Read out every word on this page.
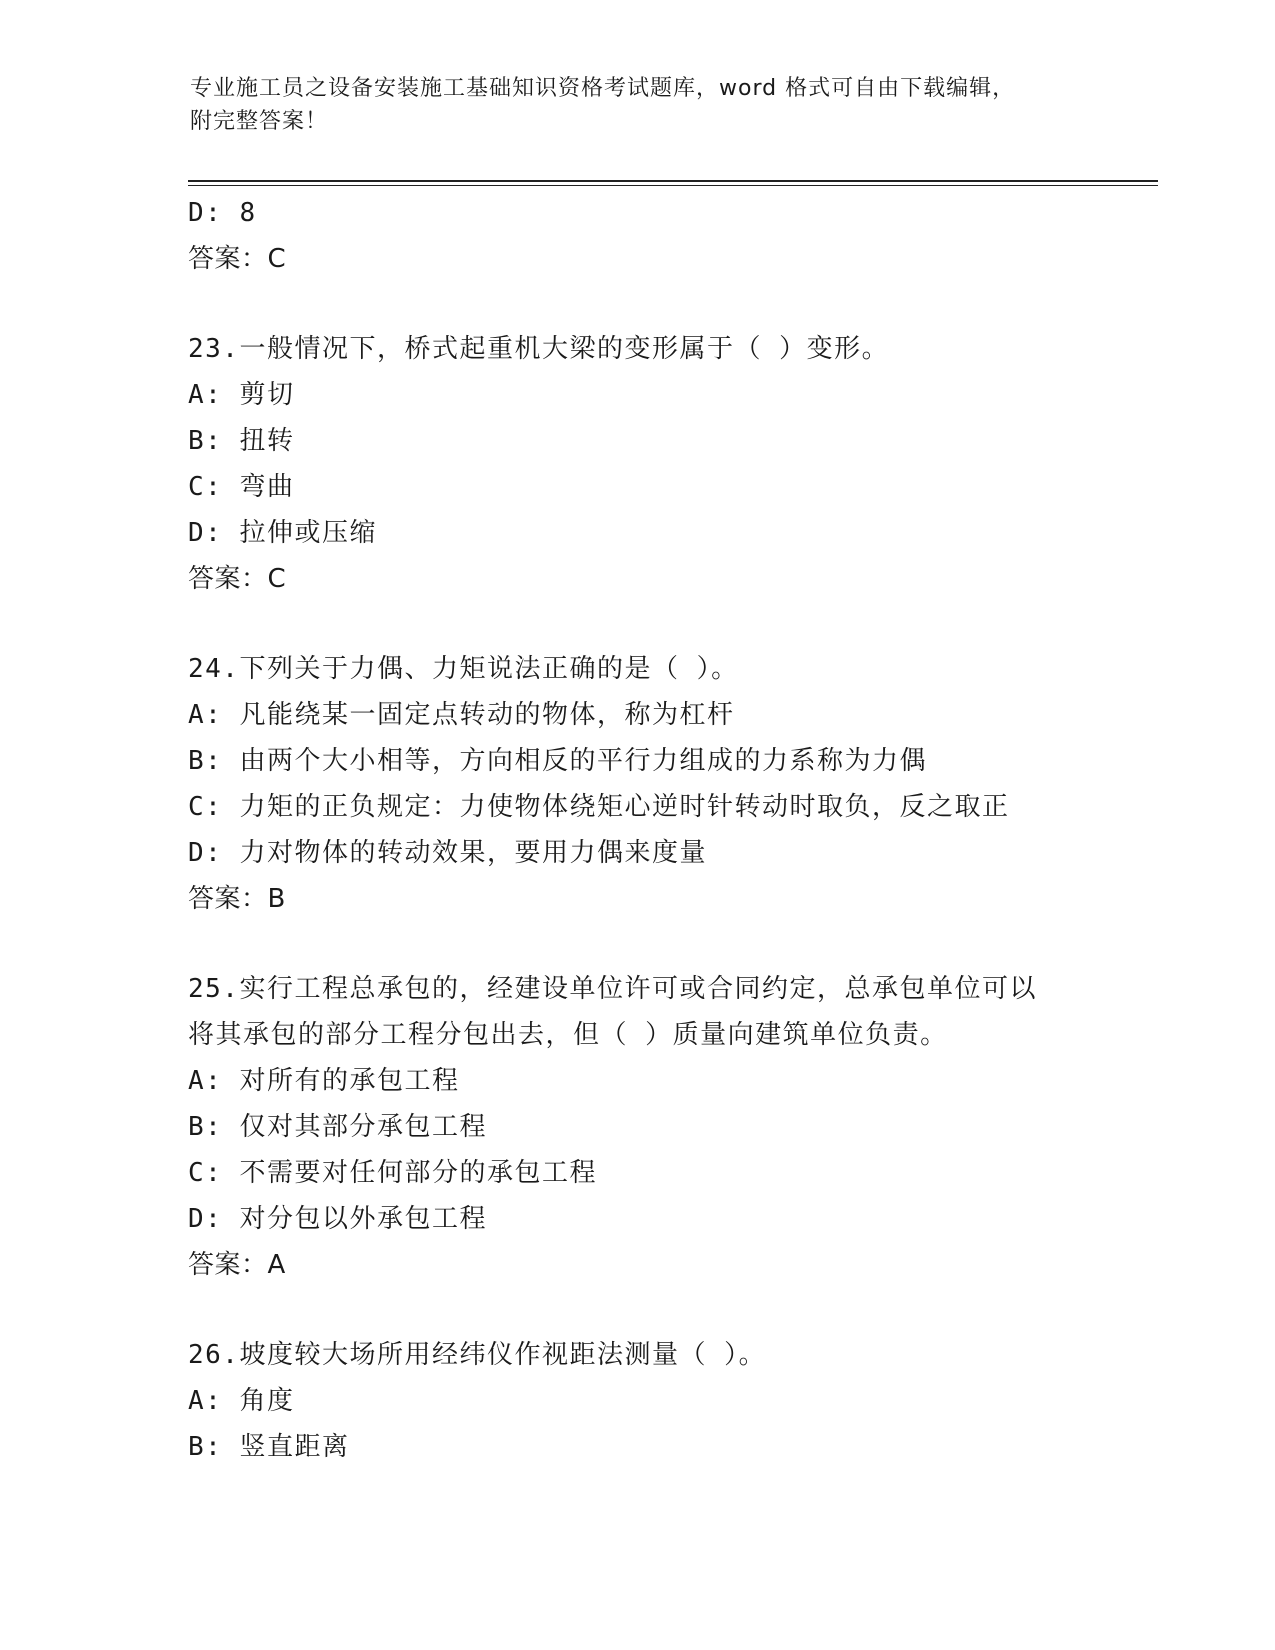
专业施工员之设备安装施工基础知识资格考试题库，word 格式可自由下载编辑，
附完整答案！
D: 8
答案：C
23.一般情况下，桥式起重机大梁的变形属于（ ）变形。
A: 剪切
B: 扭转
C: 弯曲
D: 拉伸或压缩
答案：C
24.下列关于力偶、力矩说法正确的是（ ）。
A: 凡能绕某一固定点转动的物体，称为杠杆
B: 由两个大小相等，方向相反的平行力组成的力系称为力偶
C: 力矩的正负规定：力使物体绕矩心逆时针转动时取负，反之取正
D: 力对物体的转动效果，要用力偶来度量
答案：B
25.实行工程总承包的，经建设单位许可或合同约定，总承包单位可以
将其承包的部分工程分包出去，但（ ）质量向建筑单位负责。
A: 对所有的承包工程
B: 仅对其部分承包工程
C: 不需要对任何部分的承包工程
D: 对分包以外承包工程
答案：A
26.坡度较大场所用经纬仪作视距法测量（ ）。
A: 角度
B: 竖直距离
